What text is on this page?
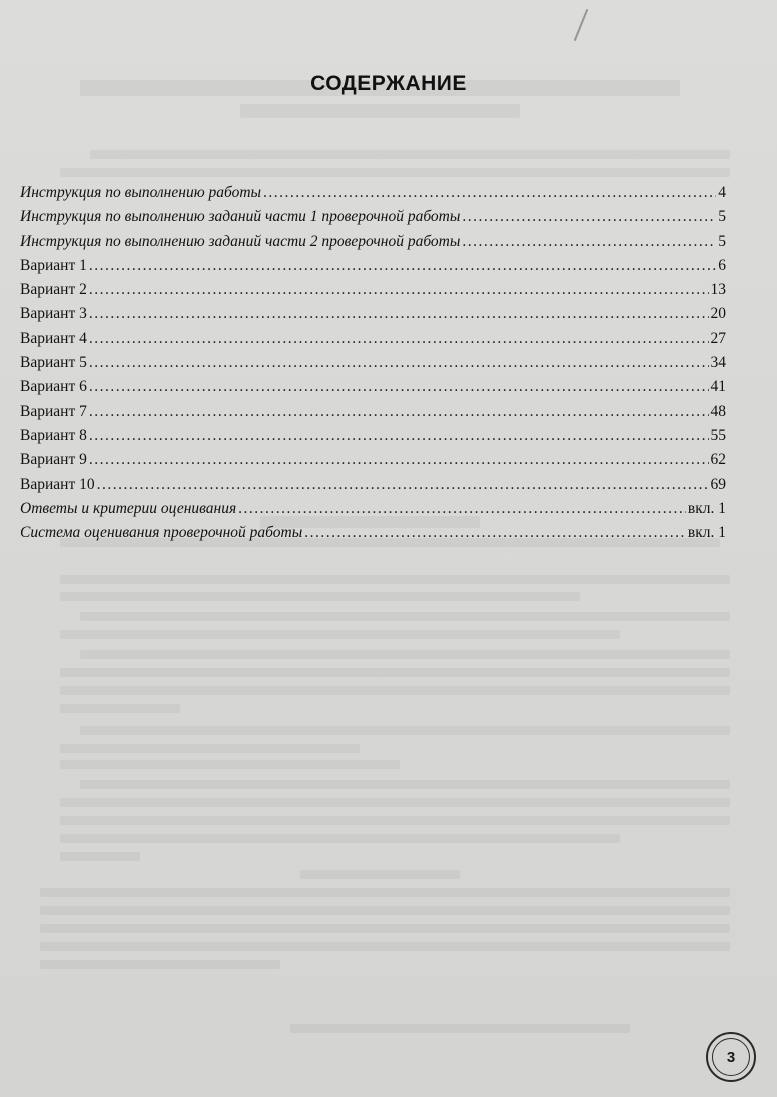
СОДЕРЖАНИЕ
Инструкция по выполнению работы .....	4
Инструкция по выполнению заданий части 1 проверочной работы .....	5
Инструкция по выполнению заданий части 2 проверочной работы .....	5
Вариант 1 .....	6
Вариант 2 .....	13
Вариант 3 .....	20
Вариант 4 .....	27
Вариант 5 .....	34
Вариант 6 .....	41
Вариант 7 .....	48
Вариант 8 .....	55
Вариант 9 .....	62
Вариант 10 .....	69
Ответы и критерии оценивания .....	вкл. 1
Система оценивания проверочной работы .....	вкл. 1
3
